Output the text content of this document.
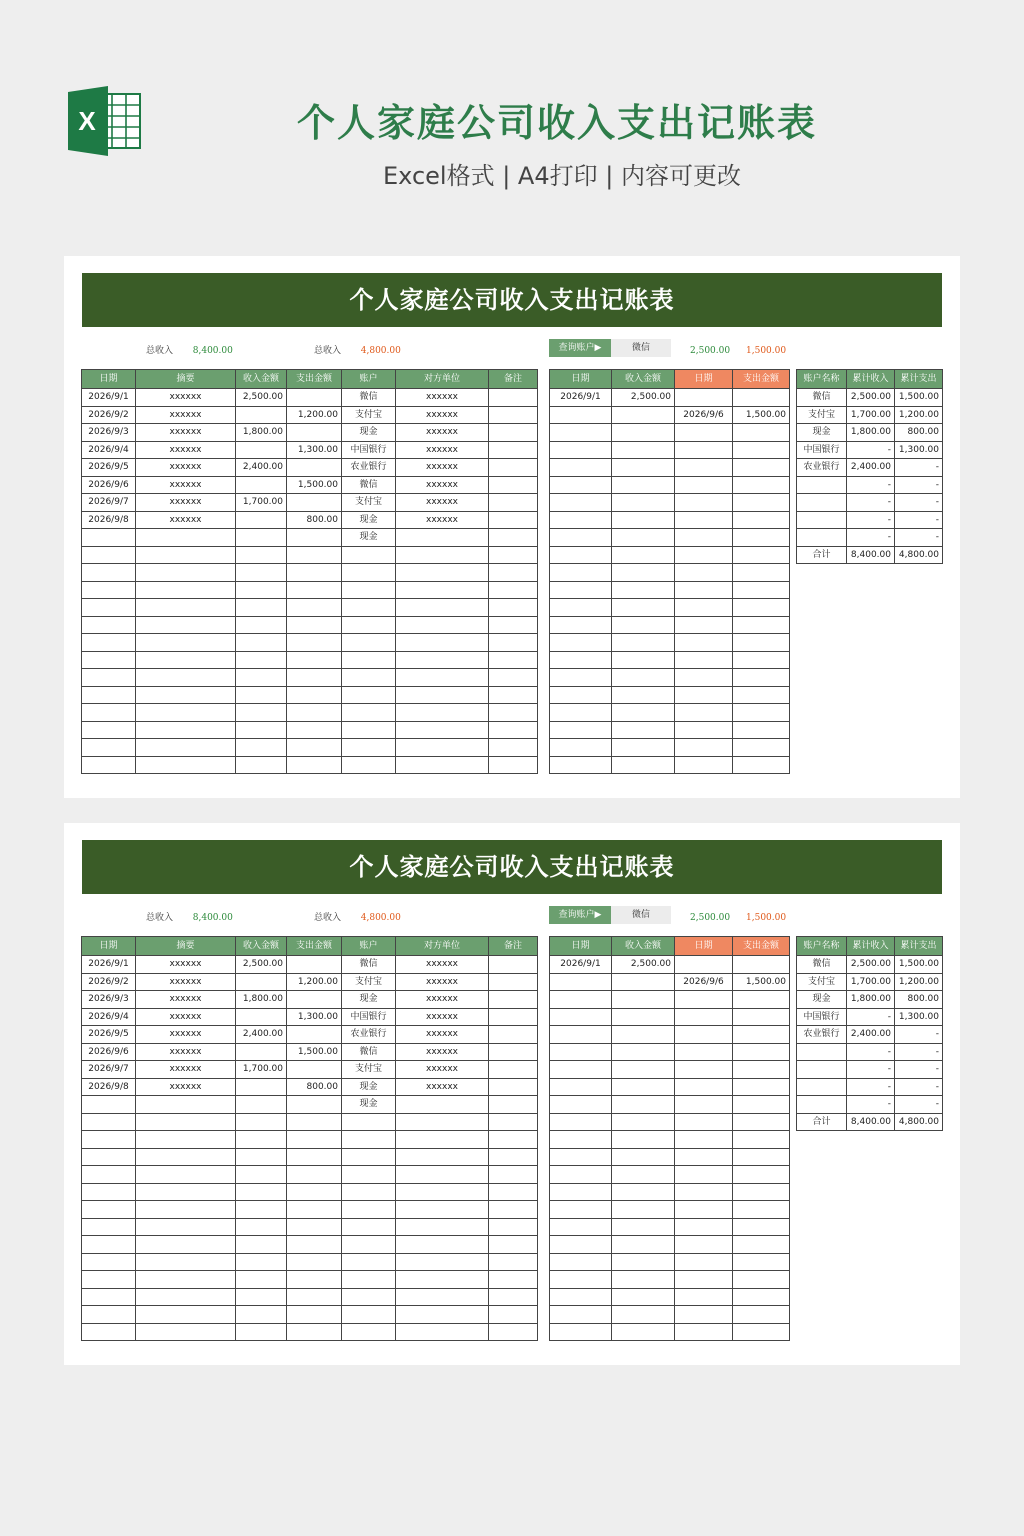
X	个人家庭公司收入支出记账表
Excel格式 | A4打印 | 内容可更改
个人家庭公司收入支出记账表
总收入 8,400.00	总收入 4,800.00	查询账户▶	微信	2,500.00 1,500.00
日期	摘要	收入金额	支出金额	账户	对方单位	备注
2026/9/1	xxxxxx	2,500.00		微信	xxxxxx	
2026/9/2	xxxxxx		1,200.00	支付宝	xxxxxx	
2026/9/3	xxxxxx	1,800.00		现金	xxxxxx	
2026/9/4	xxxxxx		1,300.00	中国银行	xxxxxx	
2026/9/5	xxxxxx	2,400.00		农业银行	xxxxxx	
2026/9/6	xxxxxx		1,500.00	微信	xxxxxx	
2026/9/7	xxxxxx	1,700.00		支付宝	xxxxxx	
2026/9/8	xxxxxx		800.00	现金	xxxxxx	
				现金		

日期	收入金额	日期	支出金额
2026/9/1	2,500.00		
		2026/9/6	1,500.00

账户名称	累计收入	累计支出
微信	2,500.00	1,500.00
支付宝	1,700.00	1,200.00
现金	1,800.00	800.00
中国银行	-	1,300.00
农业银行	2,400.00	-
	-	-
	-	-
	-	-
	-	-
合计	8,400.00	4,800.00
个人家庭公司收入支出记账表
总收入 8,400.00	总收入 4,800.00	查询账户▶	微信	2,500.00 1,500.00
日期	摘要	收入金额	支出金额	账户	对方单位	备注
2026/9/1	xxxxxx	2,500.00		微信	xxxxxx	
2026/9/2	xxxxxx		1,200.00	支付宝	xxxxxx	
2026/9/3	xxxxxx	1,800.00		现金	xxxxxx	
2026/9/4	xxxxxx		1,300.00	中国银行	xxxxxx	
2026/9/5	xxxxxx	2,400.00		农业银行	xxxxxx	
2026/9/6	xxxxxx		1,500.00	微信	xxxxxx	
2026/9/7	xxxxxx	1,700.00		支付宝	xxxxxx	
2026/9/8	xxxxxx		800.00	现金	xxxxxx	
				现金		

日期	收入金额	日期	支出金额
2026/9/1	2,500.00		
		2026/9/6	1,500.00

账户名称	累计收入	累计支出
微信	2,500.00	1,500.00
支付宝	1,700.00	1,200.00
现金	1,800.00	800.00
中国银行	-	1,300.00
农业银行	2,400.00	-
	-	-
	-	-
	-	-
	-	-
合计	8,400.00	4,800.00
